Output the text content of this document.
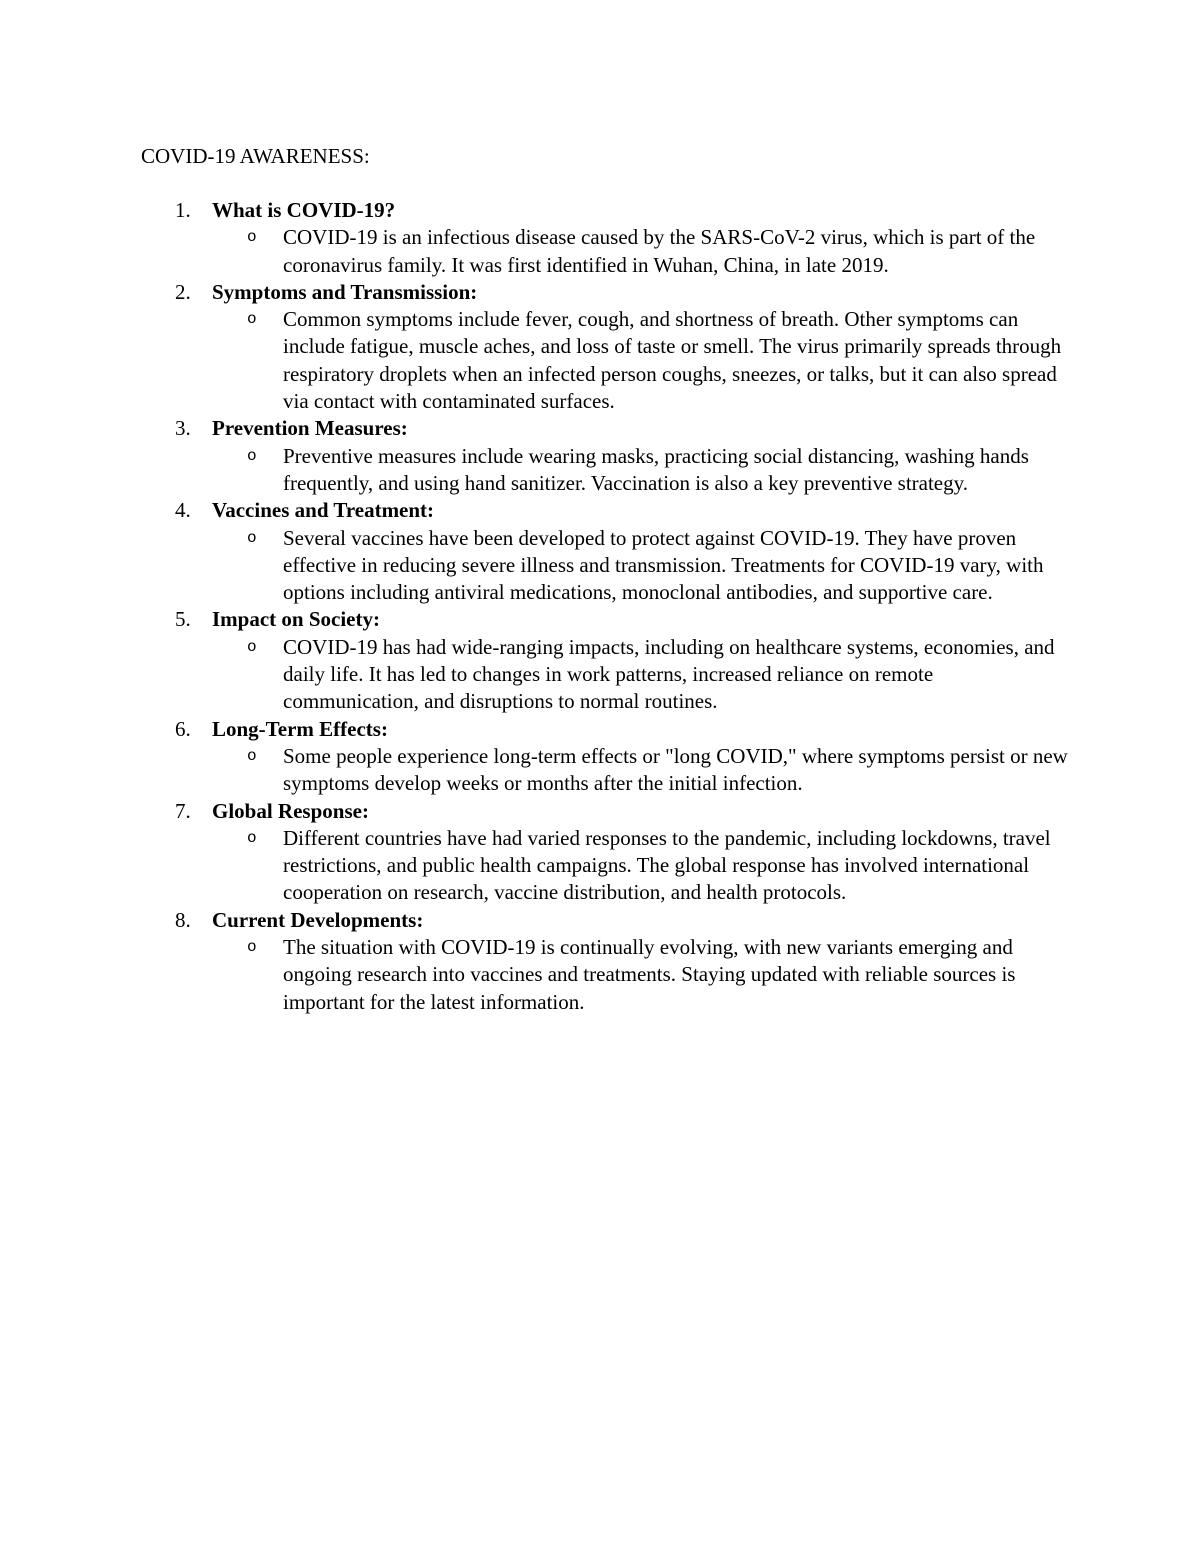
COVID-19 AWARENESS:
1. What is COVID-19?
o COVID-19 is an infectious disease caused by the SARS-CoV-2 virus, which is part of the coronavirus family. It was first identified in Wuhan, China, in late 2019.
2. Symptoms and Transmission:
o Common symptoms include fever, cough, and shortness of breath. Other symptoms can include fatigue, muscle aches, and loss of taste or smell. The virus primarily spreads through respiratory droplets when an infected person coughs, sneezes, or talks, but it can also spread via contact with contaminated surfaces.
3. Prevention Measures:
o Preventive measures include wearing masks, practicing social distancing, washing hands frequently, and using hand sanitizer. Vaccination is also a key preventive strategy.
4. Vaccines and Treatment:
o Several vaccines have been developed to protect against COVID-19. They have proven effective in reducing severe illness and transmission. Treatments for COVID-19 vary, with options including antiviral medications, monoclonal antibodies, and supportive care.
5. Impact on Society:
o COVID-19 has had wide-ranging impacts, including on healthcare systems, economies, and daily life. It has led to changes in work patterns, increased reliance on remote communication, and disruptions to normal routines.
6. Long-Term Effects:
o Some people experience long-term effects or "long COVID," where symptoms persist or new symptoms develop weeks or months after the initial infection.
7. Global Response:
o Different countries have had varied responses to the pandemic, including lockdowns, travel restrictions, and public health campaigns. The global response has involved international cooperation on research, vaccine distribution, and health protocols.
8. Current Developments:
o The situation with COVID-19 is continually evolving, with new variants emerging and ongoing research into vaccines and treatments. Staying updated with reliable sources is important for the latest information.
